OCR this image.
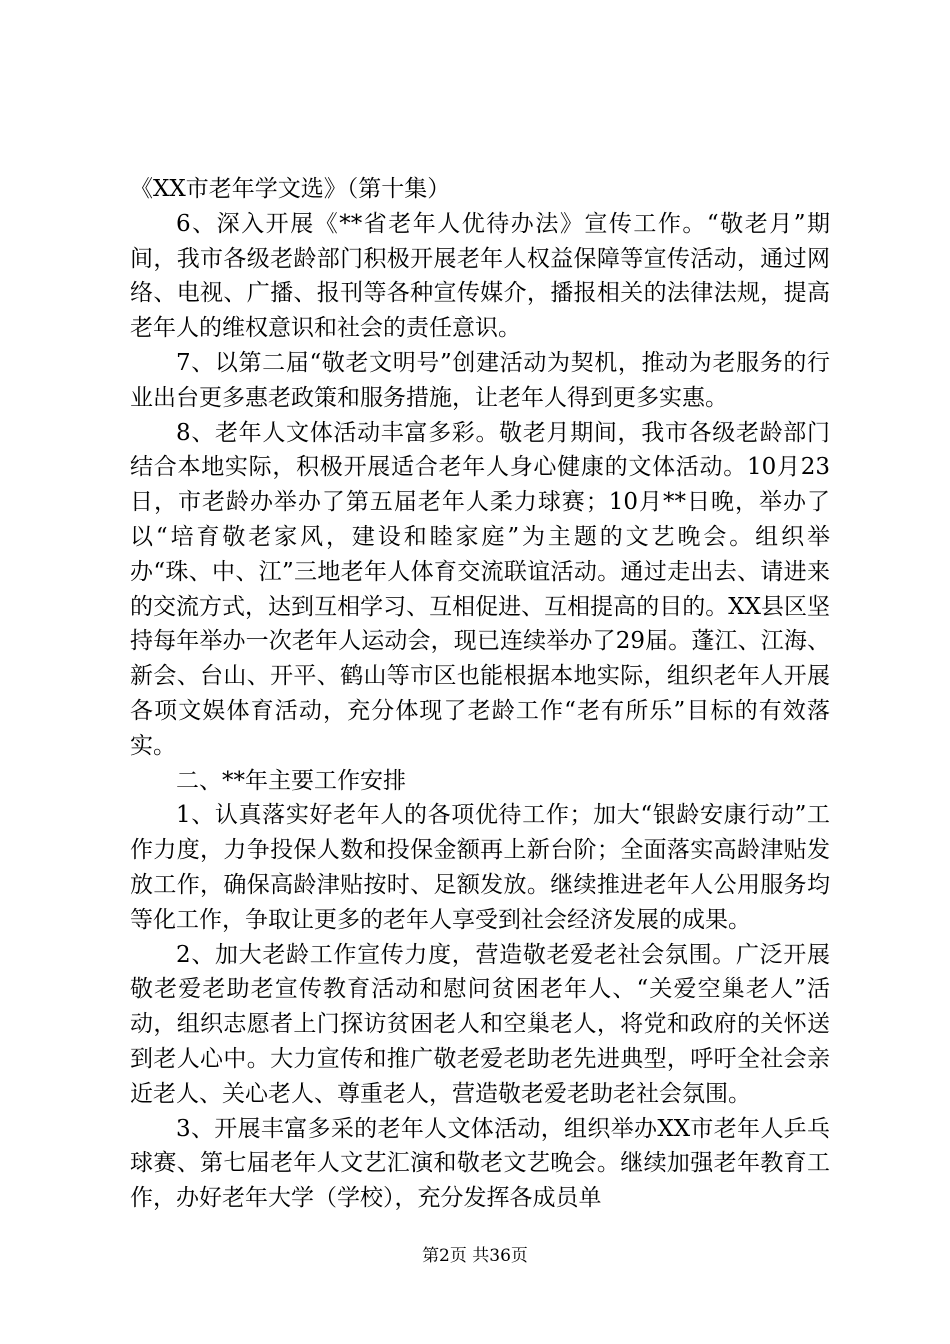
《XX市老年学文选》（第十集）

6、深入开展《**省老年人优待办法》宣传工作。“敬老月”期间，我市各级老龄部门积极开展老年人权益保障等宣传活动，通过网络、电视、广播、报刊等各种宣传媒介，播报相关的法律法规，提高老年人的维权意识和社会的责任意识。

7、以第二届“敬老文明号”创建活动为契机，推动为老服务的行业出台更多惠老政策和服务措施，让老年人得到更多实惠。

8、老年人文体活动丰富多彩。敬老月期间，我市各级老龄部门结合本地实际，积极开展适合老年人身心健康的文体活动。10月23日，市老龄办举办了第五届老年人柔力球赛；10月**日晚，举办了以“培育敬老家风，建设和睦家庭”为主题的文艺晚会。组织举办“珠、中、江”三地老年人体育交流联谊活动。通过走出去、请进来的交流方式，达到互相学习、互相促进、互相提高的目的。XX县区坚持每年举办一次老年人运动会，现已连续举办了29届。蓬江、江海、新会、台山、开平、鹤山等市区也能根据本地实际，组织老年人开展各项文娱体育活动，充分体现了老龄工作“老有所乐”目标的有效落实。

二、**年主要工作安排

1、认真落实好老年人的各项优待工作；加大“银龄安康行动”工作力度，力争投保人数和投保金额再上新台阶；全面落实高龄津贴发放工作，确保高龄津贴按时、足额发放。继续推进老年人公用服务均等化工作，争取让更多的老年人享受到社会经济发展的成果。

2、加大老龄工作宣传力度，营造敬老爱老社会氛围。广泛开展敬老爱老助老宣传教育活动和慰问贫困老年人、“关爱空巢老人”活动，组织志愿者上门探访贫困老人和空巢老人，将党和政府的关怀送到老人心中。大力宣传和推广敬老爱老助老先进典型，呼吁全社会亲近老人、关心老人、尊重老人，营造敬老爱老助老社会氛围。

3、开展丰富多采的老年人文体活动，组织举办XX市老年人乒乓球赛、第七届老年人文艺汇演和敬老文艺晚会。继续加强老年教育工作，办好老年大学（学校），充分发挥各成员单

第2页 共36页
